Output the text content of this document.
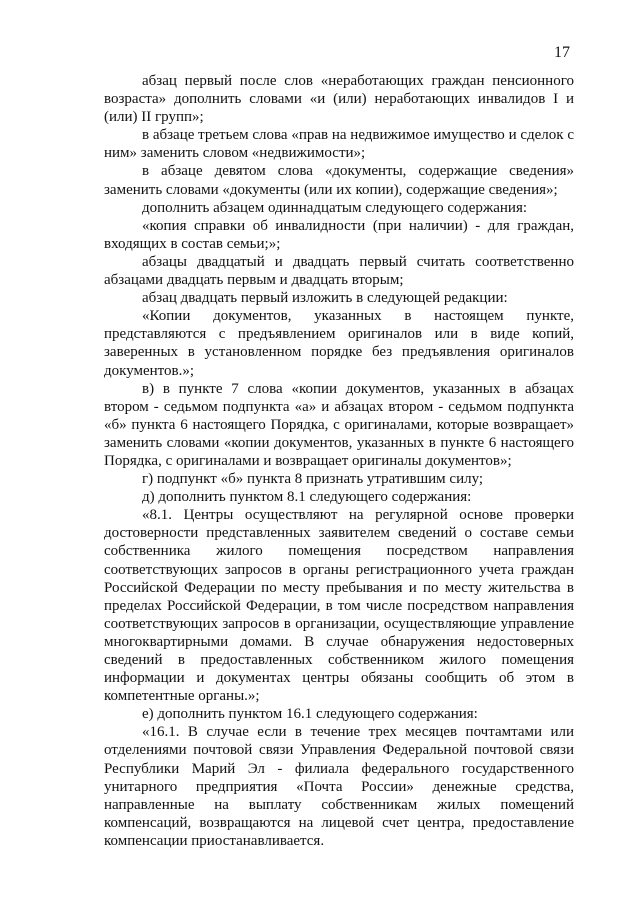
17

абзац первый после слов «неработающих граждан пенсионного возраста» дополнить словами «и (или) неработающих инвалидов I и (или) II групп»;

в абзаце третьем слова «прав на недвижимое имущество и сделок с ним» заменить словом «недвижимости»;

в абзаце девятом слова «документы, содержащие сведения» заменить словами «документы (или их копии), содержащие сведения»;

дополнить абзацем одиннадцатым следующего содержания:

«копия справки об инвалидности (при наличии) - для граждан, входящих в состав семьи;»;

абзацы двадцатый и двадцать первый считать соответственно абзацами двадцать первым и двадцать вторым;

абзац двадцать первый изложить в следующей редакции:

«Копии документов, указанных в настоящем пункте, представляются с предъявлением оригиналов или в виде копий, заверенных в установленном порядке без предъявления оригиналов документов.»;

в) в пункте 7 слова «копии документов, указанных в абзацах втором - седьмом подпункта «а» и абзацах втором - седьмом подпункта «б» пункта 6 настоящего Порядка, с оригиналами, которые возвращает» заменить словами «копии документов, указанных в пункте 6 настоящего Порядка, с оригиналами и возвращает оригиналы документов»;

г) подпункт «б» пункта 8 признать утратившим силу;

д) дополнить пунктом 8.1 следующего содержания:

«8.1. Центры осуществляют на регулярной основе проверки достоверности представленных заявителем сведений о составе семьи собственника жилого помещения посредством направления соответствующих запросов в органы регистрационного учета граждан Российской Федерации по месту пребывания и по месту жительства в пределах Российской Федерации, в том числе посредством направления соответствующих запросов в организации, осуществляющие управление многоквартирными домами. В случае обнаружения недостоверных сведений в предоставленных собственником жилого помещения информации и документах центры обязаны сообщить об этом в компетентные органы.»;

е) дополнить пунктом 16.1 следующего содержания:

«16.1. В случае если в течение трех месяцев почтамтами или отделениями почтовой связи Управления Федеральной почтовой связи Республики Марий Эл - филиала федерального государственного унитарного предприятия «Почта России» денежные средства, направленные на выплату собственникам жилых помещений компенсаций, возвращаются на лицевой счет центра, предоставление компенсации приостанавливается.
